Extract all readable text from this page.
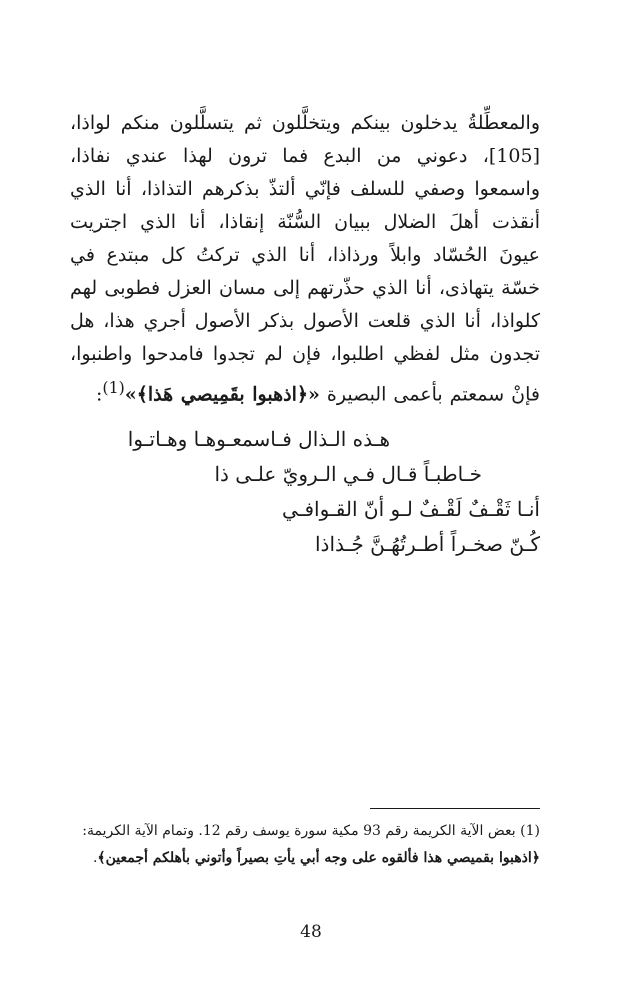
والمعطِّلةُ يدخلون بينكم ويتخلَّلون ثم يتسلَّلون منكم لواذا، [105]، دعوني من البدع فما ترون لهذا عندي نفاذا، واسمعوا وصفي للسلف فإنّي ألتذّ بذكرهم التذاذا، أنا الذي أنقذت أهلَ الضلال ببيان السُّنّة إنقاذا، أنا الذي اجتريت عيونَ الحُسّاد وابلاً ورذاذا، أنا الذي تركتُ كل مبتدع في خسّة يتهاذى، أنا الذي حذّرتهم إلى مسان العزل فطوبى لهم كلواذا، أنا الذي قلعت الأصول بذكر الأصول أجري هذا، هل تجدون مثل لفظي اطلبوا، فإن لم تجدوا فامدحوا واطنبوا، فإنْ سمعتم بأعمى البصيرة «﴿اذهبوا بقَمِيصي هَذا﴾»$^{(1)}$:

هـذه الـذال فـاسمعـوهـا وهـاتـوا
خـاطبـاً قـال فـي الـرويّ علـى ذا
أنـا ثَقْـفٌ لَقْـفٌ لـو أنّ القـوافـي
كُـنّ صخـراً أطـرتُهُـنَّ جُـذاذا

(1) بعض الآية الكريمة رقم 93 مكية سورة يوسف رقم 12. وتمام الآية الكريمة: ﴿اذهبوا بقميصي هذا فألقوه على وجه أبي يأتِ بصيراً وأتوني بأهلكم أجمعين﴾.

48
